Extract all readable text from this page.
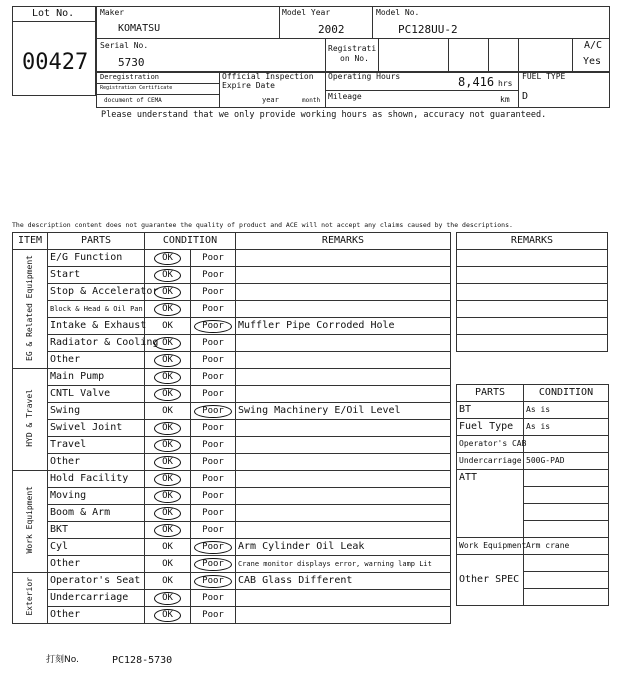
Lot No.
00427
Maker
KOMATSU
Model Year
2002
Model No.
PC128UU-2
Serial No.
5730
Registrati
on No.
A/C
Yes
Deregistration
Registration Certificate
document of CEMA
Official Inspection
Expire Date
year	month
Operating Hours	8,416 hrs
Mileage	km
FUEL TYPE
D
Please understand that we only provide working hours as shown, accuracy not guaranteed.
The description content does not guarantee the quality of product and ACE will not accept any claims caused by the descriptions.
ITEM	PARTS	CONDITION		REMARKS
EG & Related Equipment	E/G Function	OK	Poor	
	Start	OK	Poor	
	Stop & Accelerator	OK	Poor	
	Block & Head & Oil Pan	OK	Poor	
	Intake & Exhaust	OK	Poor	Muffler Pipe Corroded Hole
	Radiator & Cooling	OK	Poor	
	Other	OK	Poor	
HYD & Travel	Main Pump	OK	Poor	
	CNTL Valve	OK	Poor	
	Swing	OK	Poor	Swing Machinery E/Oil Level
	Swivel Joint	OK	Poor	
	Travel	OK	Poor	
	Other	OK	Poor	
Work Equipment	Hold Facility	OK	Poor	
	Moving	OK	Poor	
	Boom & Arm	OK	Poor	
	BKT	OK	Poor	
	Cyl	OK	Poor	Arm Cylinder Oil Leak
	Other	OK	Poor	Crane monitor displays error, warning lamp Lit
Exterior	Operator's Seat	OK	Poor	CAB Glass Different
	Undercarriage	OK	Poor	
	Other	OK	Poor	
REMARKS

PARTS	CONDITION
BT	As is
Fuel Type	As is
Operator's CAB	
Undercarriage	500G-PAD
ATT	

Work Equipment	Arm crane

Other SPEC	

打刻No.	PC128-5730
